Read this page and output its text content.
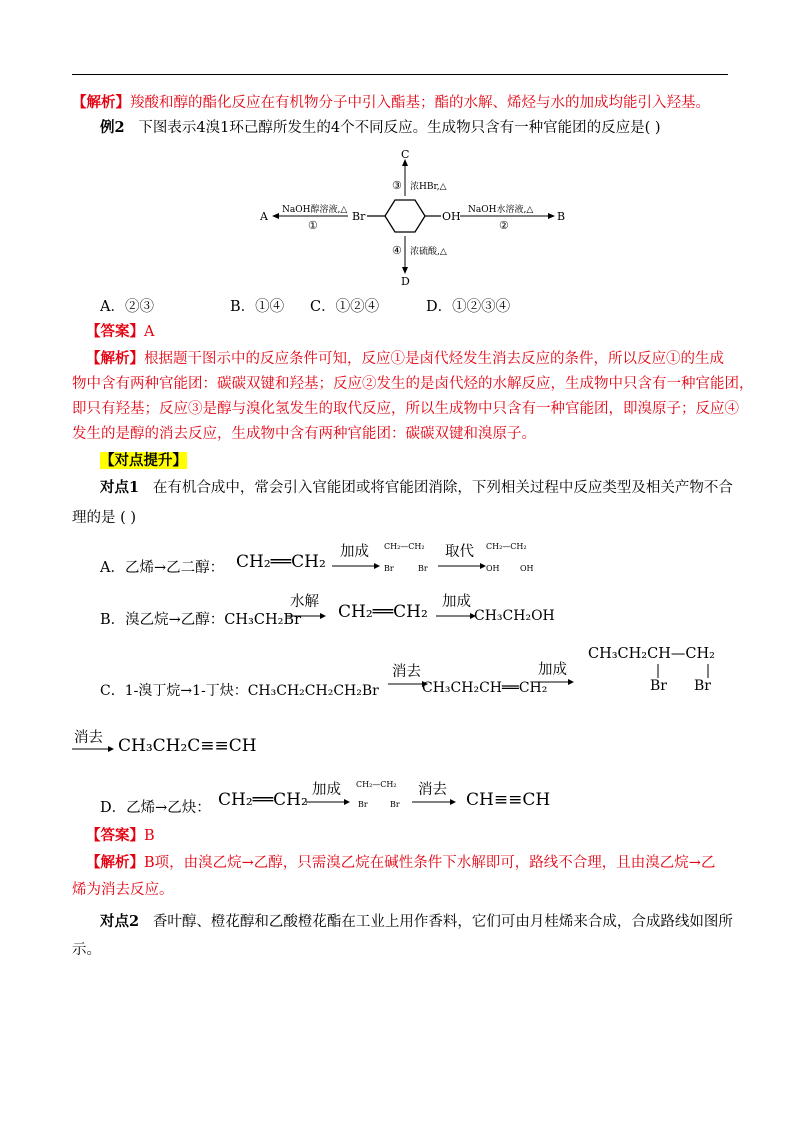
【解析】羧酸和醇的酯化反应在有机物分子中引入酯基；酯的水解、烯烃与水的加成均能引入羟基。
例2 下图表示4溴1环己醇所发生的4个不同反应。生成物只含有一种官能团的反应是( )
Br	OH
C
③ 浓HBr,△
D
④ 浓硫酸,△
A NaOH醇溶液,△
①
B
NaOH水溶液,△
②
A．②③	B．①④ C．①②④	D．①②③④
【答案】A
【解析】根据题干图示中的反应条件可知，反应①是卤代烃发生消去反应的条件，所以反应①的生成
物中含有两种官能团：碳碳双键和羟基；反应②发生的是卤代烃的水解反应，生成物中只含有一种官能团，
即只有羟基；反应③是醇与溴化氢发生的取代反应，所以生成物中只含有一种官能团，即溴原子；反应④
发生的是醇的消去反应，生成物中含有两种官能团：碳碳双键和溴原子。
【对点提升】
对点1 在有机合成中，常会引入官能团或将官能团消除，下列相关过程中反应类型及相关产物不合
理的是 ( )
A．乙烯→乙二醇： CH₂══CH₂ 加成 CH₂—CH₂
Br	Br
取代 CH₂—CH₂
OH	OH
B．溴乙烷→乙醇：CH₃CH₂Br
水解 CH₂══CH₂ 加成
CH₃CH₂OH
C．1-溴丁烷→1-丁炔：CH₃CH₂CH₂CH₂Br
消去
CH₃CH₂CH══CH₂
加成
CH₃CH₂CH—CH₂
Br Br
消去 CH₃CH₂C≡≡CH
D．乙烯→乙炔： CH₂══CH₂ 加成 CH₂—CH₂
Br	Br
消去 CH≡≡CH
【答案】B
【解析】B项，由溴乙烷→乙醇，只需溴乙烷在碱性条件下水解即可，路线不合理，且由溴乙烷→乙
烯为消去反应。
对点2 香叶醇、橙花醇和乙酸橙花酯在工业上用作香料，它们可由月桂烯来合成，合成路线如图所
示。
